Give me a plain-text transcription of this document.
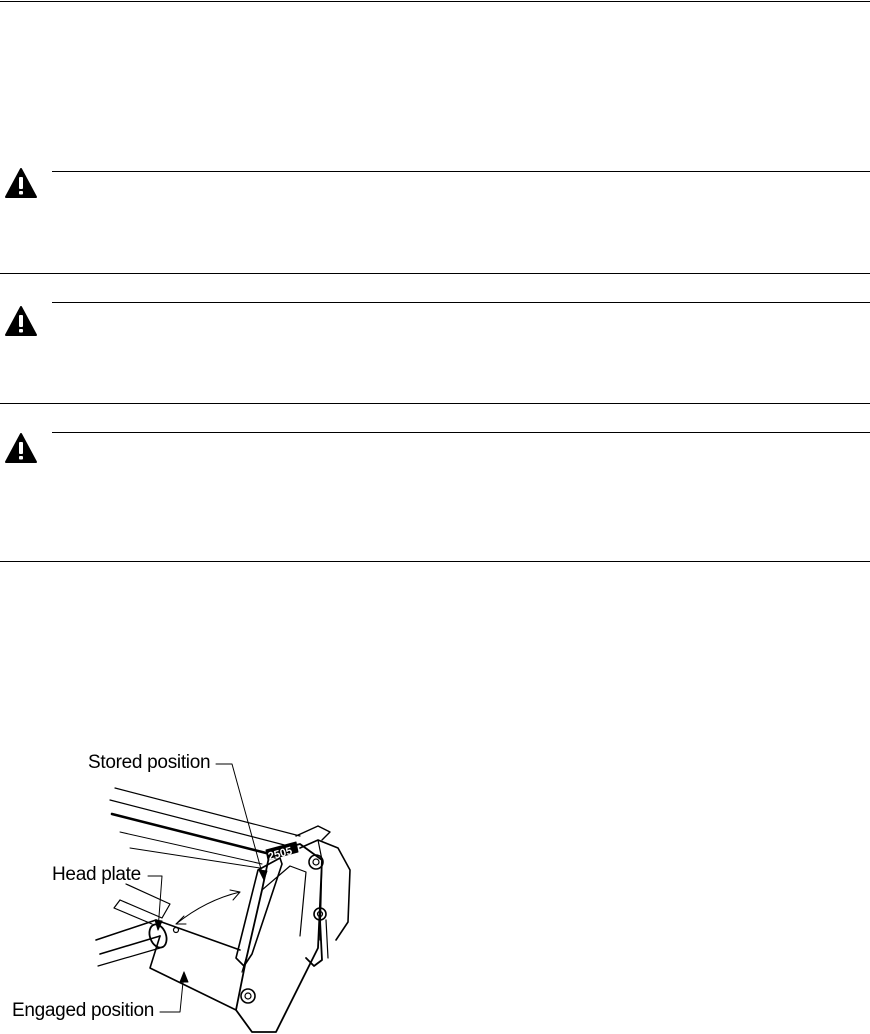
2505
Stored position
Head plate
Engaged position
